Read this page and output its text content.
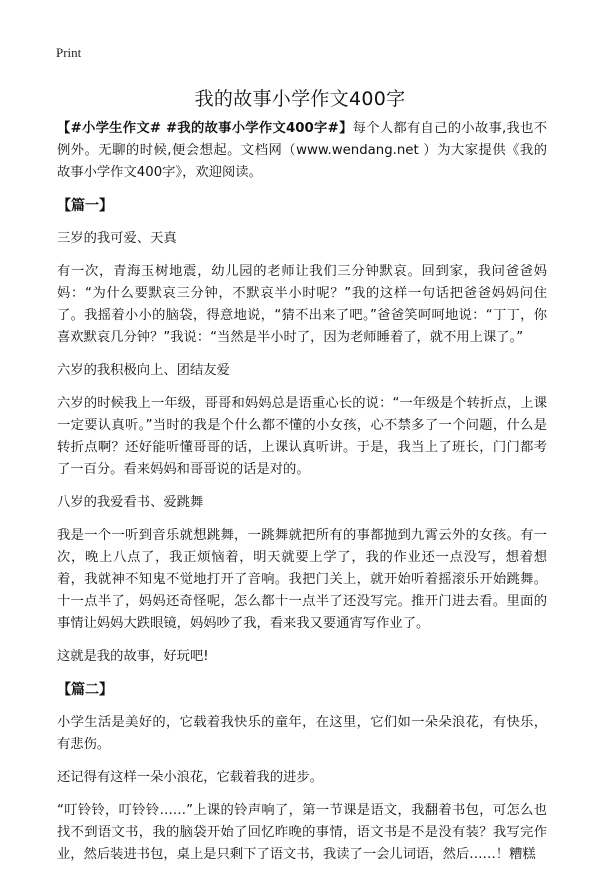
Print
我的故事小学作文400字

【#小学生作文# #我的故事小学作文400字#】每个人都有自己的小故事,我也不例外。无聊的时候,便会想起。文档网（www.wendang.net ）为大家提供《我的故事小学作文400字》，欢迎阅读。

【篇一】

三岁的我可爱、天真

有一次，青海玉树地震，幼儿园的老师让我们三分钟默哀。回到家，我问爸爸妈妈：“为什么要默哀三分钟，不默哀半小时呢？”我的这样一句话把爸爸妈妈问住了。我摇着小小的脑袋，得意地说，“猜不出来了吧。”爸爸笑呵呵地说：“丁丁，你喜欢默哀几分钟？”我说：“当然是半小时了，因为老师睡着了，就不用上课了。”

六岁的我积极向上、团结友爱

六岁的时候我上一年级，哥哥和妈妈总是语重心长的说：“一年级是个转折点，上课一定要认真听。”当时的我是个什么都不懂的小女孩，心不禁多了一个问题，什么是转折点啊？还好能听懂哥哥的话，上课认真听讲。于是，我当上了班长，门门都考了一百分。看来妈妈和哥哥说的话是对的。

八岁的我爱看书、爱跳舞

我是一个一听到音乐就想跳舞，一跳舞就把所有的事都抛到九霄云外的女孩。有一次，晚上八点了，我正烦恼着，明天就要上学了，我的作业还一点没写，想着想着，我就神不知鬼不觉地打开了音响。我把门关上，就开始听着摇滚乐开始跳舞。十一点半了，妈妈还奇怪呢，怎么都十一点半了还没写完。推开门进去看。里面的事情让妈妈大跌眼镜，妈妈吵了我，看来我又要通宵写作业了。

这就是我的故事，好玩吧!

【篇二】

小学生活是美好的，它载着我快乐的童年，在这里，它们如一朵朵浪花，有快乐，有悲伤。

还记得有这样一朵小浪花，它载着我的进步。

“叮铃铃，叮铃铃……”上课的铃声响了，第一节课是语文，我翻着书包，可怎么也找不到语文书，我的脑袋开始了回忆昨晚的事情，语文书是不是没有装？我写完作业，然后装进书包，桌上是只剩下了语文书，我读了一会儿词语，然后……！糟糕
